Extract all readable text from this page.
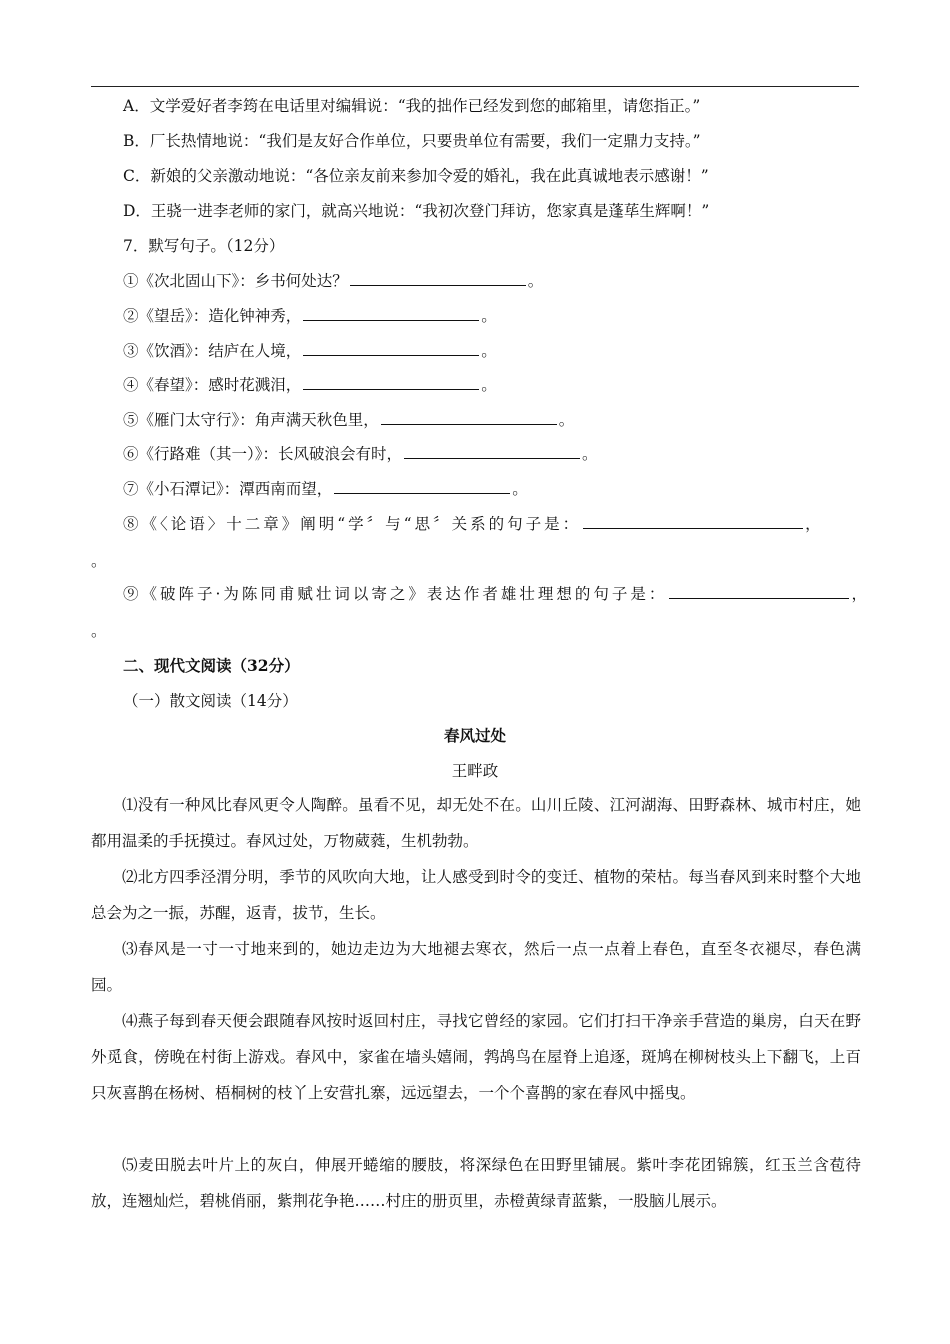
A．文学爱好者李筠在电话里对编辑说：“我的拙作已经发到您的邮箱里，请您指正。”
B．厂长热情地说：“我们是友好合作单位，只要贵单位有需要，我们一定鼎力支持。”
C．新娘的父亲激动地说：“各位亲友前来参加令爱的婚礼，我在此真诚地表示感谢！”
D．王骁一进李老师的家门，就高兴地说：“我初次登门拜访，您家真是蓬荜生辉啊！”
7．默写句子。（12分）
①《次北固山下》：乡书何处达？	。
②《望岳》：造化钟神秀，	。
③《饮酒》：结庐在人境，	。
④《春望》：感时花溅泪，	。
⑤《雁门太守行》：角声满天秋色里，	。
⑥《行路难（其一）》：长风破浪会有时，	。
⑦《小石潭记》：潭西南而望，	。
⑧《〈论语〉十二章》阐明“学〞与“思〞关系的句子是：	，
。
⑨《破阵子·为陈同甫赋壮词以寄之》表达作者雄壮理想的句子是：	，
。
二、现代文阅读（32分）
（一）散文阅读（14分）
春风过处
王畔政
⑴没有一种风比春风更令人陶醉。虽看不见，却无处不在。山川丘陵、江河湖海、田野森林、城市村庄，她都用温柔的手抚摸过。春风过处，万物葳蕤，生机勃勃。
⑵北方四季泾渭分明，季节的风吹向大地，让人感受到时令的变迁、植物的荣枯。每当春风到来时整个大地总会为之一振，苏醒，返青，拔节，生长。
⑶春风是一寸一寸地来到的，她边走边为大地褪去寒衣，然后一点一点着上春色，直至冬衣褪尽，春色满园。
⑷燕子每到春天便会跟随春风按时返回村庄，寻找它曾经的家园。它们打扫干净亲手营造的巢房，白天在野外觅食，傍晚在村街上游戏。春风中，家雀在墙头嬉闹，鹁鸪鸟在屋脊上追逐，斑鸠在柳树枝头上下翻飞，上百只灰喜鹊在杨树、梧桐树的枝丫上安营扎寨，远远望去，一个个喜鹊的家在春风中摇曳。
⑸麦田脱去叶片上的灰白，伸展开蜷缩的腰肢，将深绿色在田野里铺展。紫叶李花团锦簇，红玉兰含苞待放，连翘灿烂，碧桃俏丽，紫荆花争艳……村庄的册页里，赤橙黄绿青蓝紫，一股脑儿展示。
